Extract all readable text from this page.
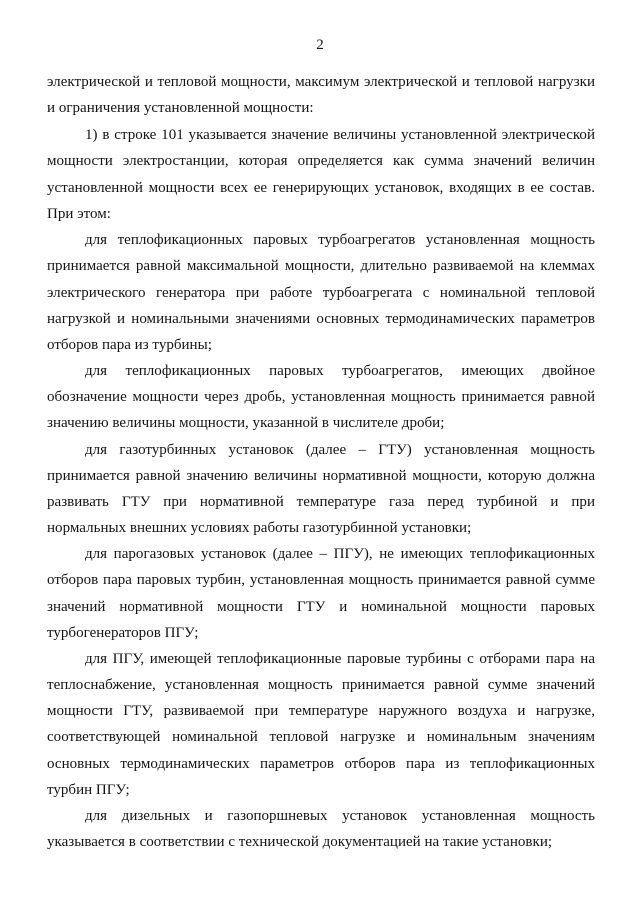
2
электрической и тепловой мощности, максимум электрической и тепловой нагрузки
и ограничения установленной мощности:
1) в строке 101 указывается значение величины установленной электрической
мощности электростанции, которая определяется как сумма значений величин
установленной мощности всех ее генерирующих установок, входящих в ее состав.
При этом:
для теплофикационных паровых турбоагрегатов установленная мощность
принимается равной максимальной мощности, длительно развиваемой на клеммах
электрического генератора при работе турбоагрегата с номинальной тепловой
нагрузкой и номинальными значениями основных термодинамических параметров
отборов пара из турбины;
для теплофикационных паровых турбоагрегатов, имеющих двойное
обозначение мощности через дробь, установленная мощность принимается равной
значению величины мощности, указанной в числителе дроби;
для газотурбинных установок (далее – ГТУ) установленная мощность
принимается равной значению величины нормативной мощности, которую должна
развивать ГТУ при нормативной температуре газа перед турбиной и при
нормальных внешних условиях работы газотурбинной установки;
для парогазовых установок (далее – ПГУ), не имеющих теплофикационных
отборов пара паровых турбин, установленная мощность принимается равной сумме
значений нормативной мощности ГТУ и номинальной мощности паровых
турбогенераторов ПГУ;
для ПГУ, имеющей теплофикационные паровые турбины с отборами пара на
теплоснабжение, установленная мощность принимается равной сумме значений
мощности ГТУ, развиваемой при температуре наружного воздуха и нагрузке,
соответствующей номинальной тепловой нагрузке и номинальным значениям
основных термодинамических параметров отборов пара из теплофикационных
турбин ПГУ;
для дизельных и газопоршневых установок установленная мощность
указывается в соответствии с технической документацией на такие установки;
